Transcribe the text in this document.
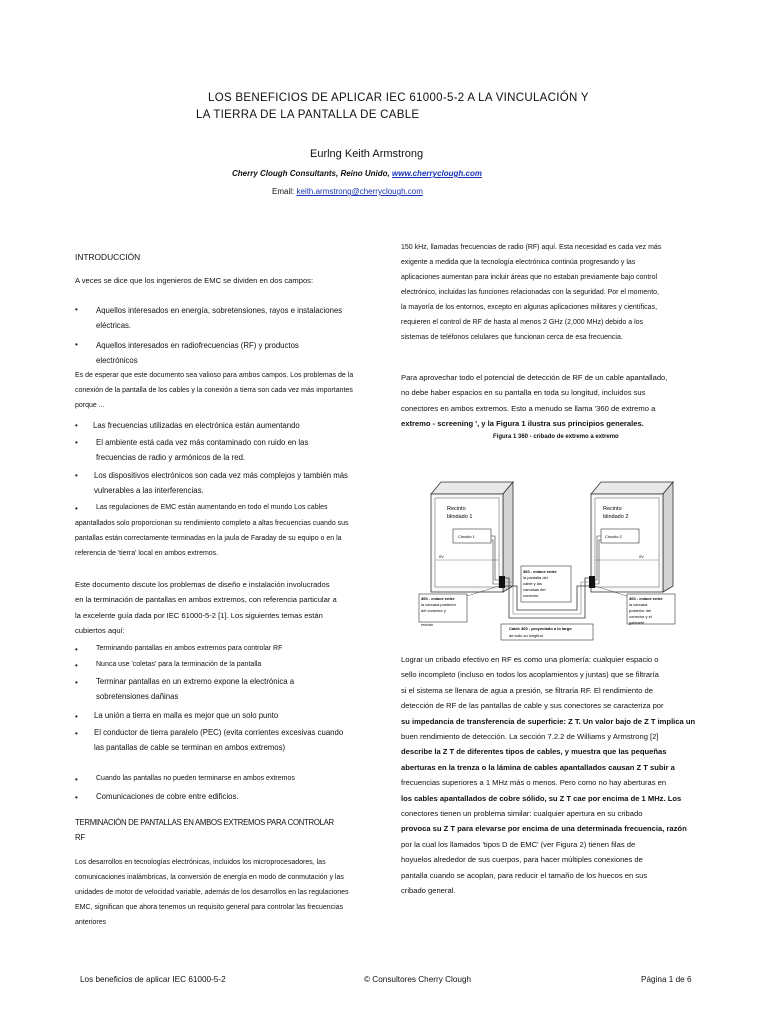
LOS BENEFICIOS DE APLICAR IEC 61000-5-2 A LA VINCULACIÓN Y
LA TIERRA DE LA PANTALLA DE CABLE
Eurlng Keith Armstrong
Cherry Clough Consultants, Reino Unido, www.cherryclough.com
Email: keith.armstrong@cherryclough.com
INTRODUCCIÓN
A veces se dice que los ingenieros de EMC se dividen en dos campos:
• Aquellos interesados en energía, sobretensiones, rayos e instalaciones
eléctricas.
• Aquellos interesados en radiofrecuencias (RF) y productos
electrónicos
Es de esperar que este documento sea valioso para ambos campos. Los problemas de la
conexión de la pantalla de los cables y la conexión a tierra son cada vez más importantes
porque ...
• Las frecuencias utilizadas en electrónica están aumentando
• El ambiente está cada vez más contaminado con ruido en las
frecuencias de radio y armónicos de la red.
• Los dispositivos electrónicos son cada vez más complejos y también más
vulnerables a las interferencias.
•	Las regulaciones de EMC están aumentando en todo el mundo Los cables
apantallados solo proporcionan su rendimiento completo a altas frecuencias cuando sus
pantallas están correctamente terminadas en la jaula de Faraday de su equipo o en la
referencia de 'tierra' local en ambos extremos.
Este documento discute los problemas de diseño e instalación involucrados
en la terminación de pantallas en ambos extremos, con referencia particular a
la excelente guía dada por IEC 61000-5-2 [1]. Los siguientes temas están
cubiertos aquí:
•	Terminando pantallas en ambos extremos para controlar RF
•	Nunca use 'coletas' para la terminación de la pantalla
• Terminar pantallas en un extremo expone la electrónica a
sobretensiones dañinas
• La unión a tierra en malla es mejor que un solo punto
• El conductor de tierra paralelo (PEC) (evita corrientes excesivas cuando
las pantallas de cable se terminan en ambos extremos)
•	Cuando las pantallas no pueden terminarse en ambos extremos
• Comunicaciones de cobre entre edificios.
TERMINACIÓN DE PANTALLAS EN AMBOS EXTREMOS PARA CONTROLAR
RF
Los desarrollos en tecnologías electrónicas, incluidos los microprocesadores, las
comunicaciones inalámbricas, la conversión de energía en modo de conmutación y las
unidades de motor de velocidad variable, además de los desarrollos en las regulaciones
EMC, significan que ahora tenemos un requisito general para controlar las frecuencias
anteriores
150 kHz, llamadas frecuencias de radio (RF) aquí. Esta necesidad es cada vez más
exigente a medida que la tecnología electrónica continúa progresando y las
aplicaciones aumentan para incluir áreas que no estaban previamente bajo control
electrónico, incluidas las funciones relacionadas con la seguridad. Por el momento,
la mayoría de los entornos, excepto en algunas aplicaciones militares y científicas,
requieren el control de RF de hasta al menos 2 GHz (2,000 MHz) debido a los
sistemas de teléfonos celulares que funcionan cerca de esa frecuencia.
Para aprovechar todo el potencial de detección de RF de un cable apantallado,
no debe haber espacios en su pantalla en toda su longitud, incluidos sus
conectores en ambos extremos. Esto a menudo se llama '360 de extremo a
extremo - screening ', y la Figura 1 ilustra sus principios generales.
Figura 1 360 - cribado de extremo a extremo
Recinto
blindado 1
Recinto
blindado 2
Circuito 1	Circuito 2
0V	0V
360 - enlace entre
la pantalla del
cable y las
carcasas del
conector
360 - enlace entre
la carcasa posterior
del conector y
recinto
360 - enlace entre
la carcasa
posterior del
conector y el
gabinete
Cable 360 - proyectado a lo largo
de todo su longitud
Lograr un cribado efectivo en RF es como una plomería: cualquier espacio o
sello incompleto (incluso en todos los acoplamientos y juntas) que se filtraría
si el sistema se llenara de agua a presión, se filtraría RF. El rendimiento de
detección de RF de las pantallas de cable y sus conectores se caracteriza por
su impedancia de transferencia de superficie: Z T. Un valor bajo de Z T implica un
buen rendimiento de detección. La sección 7.2.2 de Williams y Armstrong [2]
describe la Z T de diferentes tipos de cables, y muestra que las pequeñas
aberturas en la trenza o la lámina de cables apantallados causan Z T subir a
frecuencias superiores a 1 MHz más o menos. Pero como no hay aberturas en
los cables apantallados de cobre sólido, su Z T cae por encima de 1 MHz. Los
conectores tienen un problema similar: cualquier apertura en su cribado
provoca su Z T para elevarse por encima de una determinada frecuencia, razón
por la cual los llamados 'tipos D de EMC' (ver Figura 2) tienen filas de
hoyuelos alrededor de sus cuerpos, para hacer múltiples conexiones de
pantalla cuando se acoplan, para reducir el tamaño de los huecos en sus
cribado general.
Los beneficios de aplicar IEC 61000-5-2	© Consultores Cherry Clough	Página 1 de 6
